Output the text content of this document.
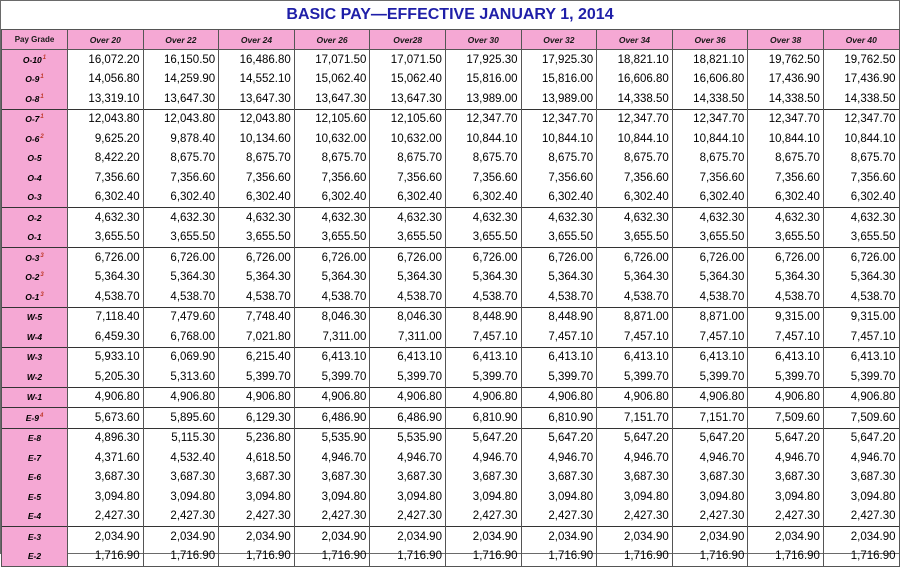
BASIC PAY—EFFECTIVE JANUARY 1, 2014
Pay Grade	Over 20	Over 22	Over 24	Over 26	Over28	Over 30	Over 32	Over 34	Over 36	Over 38	Over 40
$O-10^1$	16,072.20	16,150.50	16,486.80	17,071.50	17,071.50	17,925.30	17,925.30	18,821.10	18,821.10	19,762.50	19,762.50
$O-9^1$	14,056.80	14,259.90	14,552.10	15,062.40	15,062.40	15,816.00	15,816.00	16,606.80	16,606.80	17,436.90	17,436.90
$O-8^1$	13,319.10	13,647.30	13,647.30	13,647.30	13,647.30	13,989.00	13,989.00	14,338.50	14,338.50	14,338.50	14,338.50
$O-7^1$	12,043.80	12,043.80	12,043.80	12,105.60	12,105.60	12,347.70	12,347.70	12,347.70	12,347.70	12,347.70	12,347.70
$O-6^2$	9,625.20	9,878.40	10,134.60	10,632.00	10,632.00	10,844.10	10,844.10	10,844.10	10,844.10	10,844.10	10,844.10
O-5	8,422.20	8,675.70	8,675.70	8,675.70	8,675.70	8,675.70	8,675.70	8,675.70	8,675.70	8,675.70	8,675.70
O-4	7,356.60	7,356.60	7,356.60	7,356.60	7,356.60	7,356.60	7,356.60	7,356.60	7,356.60	7,356.60	7,356.60
O-3	6,302.40	6,302.40	6,302.40	6,302.40	6,302.40	6,302.40	6,302.40	6,302.40	6,302.40	6,302.40	6,302.40
O-2	4,632.30	4,632.30	4,632.30	4,632.30	4,632.30	4,632.30	4,632.30	4,632.30	4,632.30	4,632.30	4,632.30
O-1	3,655.50	3,655.50	3,655.50	3,655.50	3,655.50	3,655.50	3,655.50	3,655.50	3,655.50	3,655.50	3,655.50
$O-3^3$	6,726.00	6,726.00	6,726.00	6,726.00	6,726.00	6,726.00	6,726.00	6,726.00	6,726.00	6,726.00	6,726.00
$O-2^3$	5,364.30	5,364.30	5,364.30	5,364.30	5,364.30	5,364.30	5,364.30	5,364.30	5,364.30	5,364.30	5,364.30
$O-1^3$	4,538.70	4,538.70	4,538.70	4,538.70	4,538.70	4,538.70	4,538.70	4,538.70	4,538.70	4,538.70	4,538.70
W-5	7,118.40	7,479.60	7,748.40	8,046.30	8,046.30	8,448.90	8,448.90	8,871.00	8,871.00	9,315.00	9,315.00
W-4	6,459.30	6,768.00	7,021.80	7,311.00	7,311.00	7,457.10	7,457.10	7,457.10	7,457.10	7,457.10	7,457.10
W-3	5,933.10	6,069.90	6,215.40	6,413.10	6,413.10	6,413.10	6,413.10	6,413.10	6,413.10	6,413.10	6,413.10
W-2	5,205.30	5,313.60	5,399.70	5,399.70	5,399.70	5,399.70	5,399.70	5,399.70	5,399.70	5,399.70	5,399.70
W-1	4,906.80	4,906.80	4,906.80	4,906.80	4,906.80	4,906.80	4,906.80	4,906.80	4,906.80	4,906.80	4,906.80
$E-9^4$	5,673.60	5,895.60	6,129.30	6,486.90	6,486.90	6,810.90	6,810.90	7,151.70	7,151.70	7,509.60	7,509.60
E-8	4,896.30	5,115.30	5,236.80	5,535.90	5,535.90	5,647.20	5,647.20	5,647.20	5,647.20	5,647.20	5,647.20
E-7	4,371.60	4,532.40	4,618.50	4,946.70	4,946.70	4,946.70	4,946.70	4,946.70	4,946.70	4,946.70	4,946.70
E-6	3,687.30	3,687.30	3,687.30	3,687.30	3,687.30	3,687.30	3,687.30	3,687.30	3,687.30	3,687.30	3,687.30
E-5	3,094.80	3,094.80	3,094.80	3,094.80	3,094.80	3,094.80	3,094.80	3,094.80	3,094.80	3,094.80	3,094.80
E-4	2,427.30	2,427.30	2,427.30	2,427.30	2,427.30	2,427.30	2,427.30	2,427.30	2,427.30	2,427.30	2,427.30
E-3	2,034.90	2,034.90	2,034.90	2,034.90	2,034.90	2,034.90	2,034.90	2,034.90	2,034.90	2,034.90	2,034.90
E-2	1,716.90	1,716.90	1,716.90	1,716.90	1,716.90	1,716.90	1,716.90	1,716.90	1,716.90	1,716.90	1,716.90
